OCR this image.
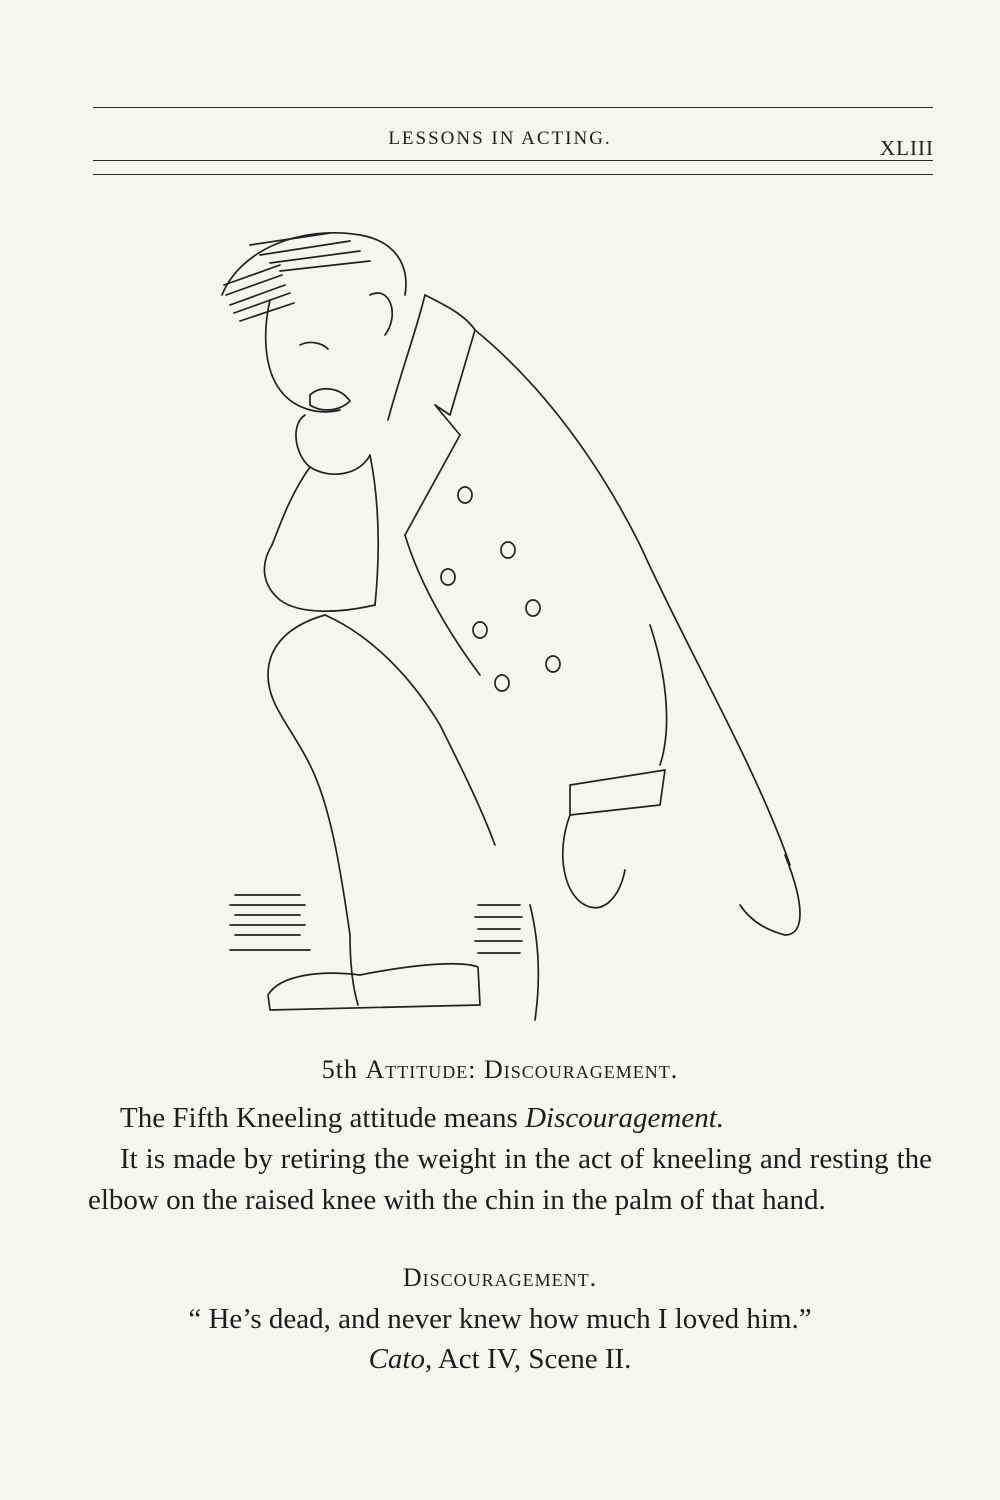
LESSONS IN ACTING.	XLIII
5th Attitude: Discouragement.
The Fifth Kneeling attitude means Discouragement.
It is made by retiring the weight in the act of kneeling and resting the elbow on the raised knee with the chin in the palm of that hand.
Discouragement.
“ He’s dead, and never knew how much I loved him.”
Cato, Act IV, Scene II.
